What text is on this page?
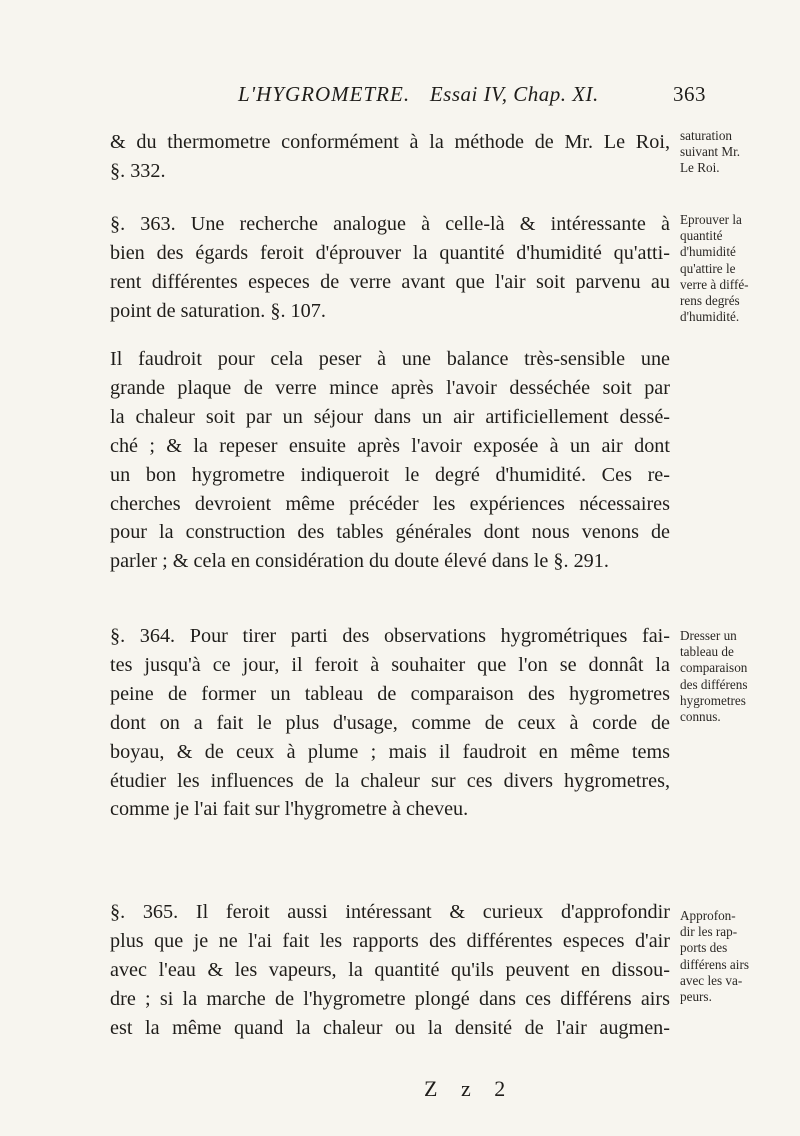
L'HYGROMETRE. Essai IV, Chap. XI.	363
& du thermometre conformément à la méthode de Mr. Le Roi,
§. 332.
§. 363. Une recherche analogue à celle-là & intéressante à
bien des égards feroit d'éprouver la quantité d'humidité qu'atti-
rent différentes especes de verre avant que l'air soit parvenu au
point de saturation. §. 107.
Il faudroit pour cela peser à une balance très-sensible une
grande plaque de verre mince après l'avoir desséchée soit par
la chaleur soit par un séjour dans un air artificiellement dessé-
ché ; & la repeser ensuite après l'avoir exposée à un air dont
un bon hygrometre indiqueroit le degré d'humidité. Ces re-
cherches devroient même précéder les expériences nécessaires
pour la construction des tables générales dont nous venons de
parler ; & cela en considération du doute élevé dans le §. 291.
§. 364. Pour tirer parti des observations hygrométriques fai-
tes jusqu'à ce jour, il feroit à souhaiter que l'on se donnât la
peine de former un tableau de comparaison des hygrometres
dont on a fait le plus d'usage, comme de ceux à corde de
boyau, & de ceux à plume ; mais il faudroit en même tems
étudier les influences de la chaleur sur ces divers hygrometres,
comme je l'ai fait sur l'hygrometre à cheveu.
§. 365. Il feroit aussi intéressant & curieux d'approfondir
plus que je ne l'ai fait les rapports des différentes especes d'air
avec l'eau & les vapeurs, la quantité qu'ils peuvent en dissou-
dre ; si la marche de l'hygrometre plongé dans ces différens airs
est la même quand la chaleur ou la densité de l'air augmen-
saturation
suivant Mr.
Le Roi.
Eprouver la
quantité
d'humidité
qu'attire le
verre à diffé-
rens degrés
d'humidité.
Dresser un
tableau de
comparaison
des différens
hygrometres
connus.
Approfon-
dir les rap-
ports des
différens airs
avec les va-
peurs.
Z z 2
